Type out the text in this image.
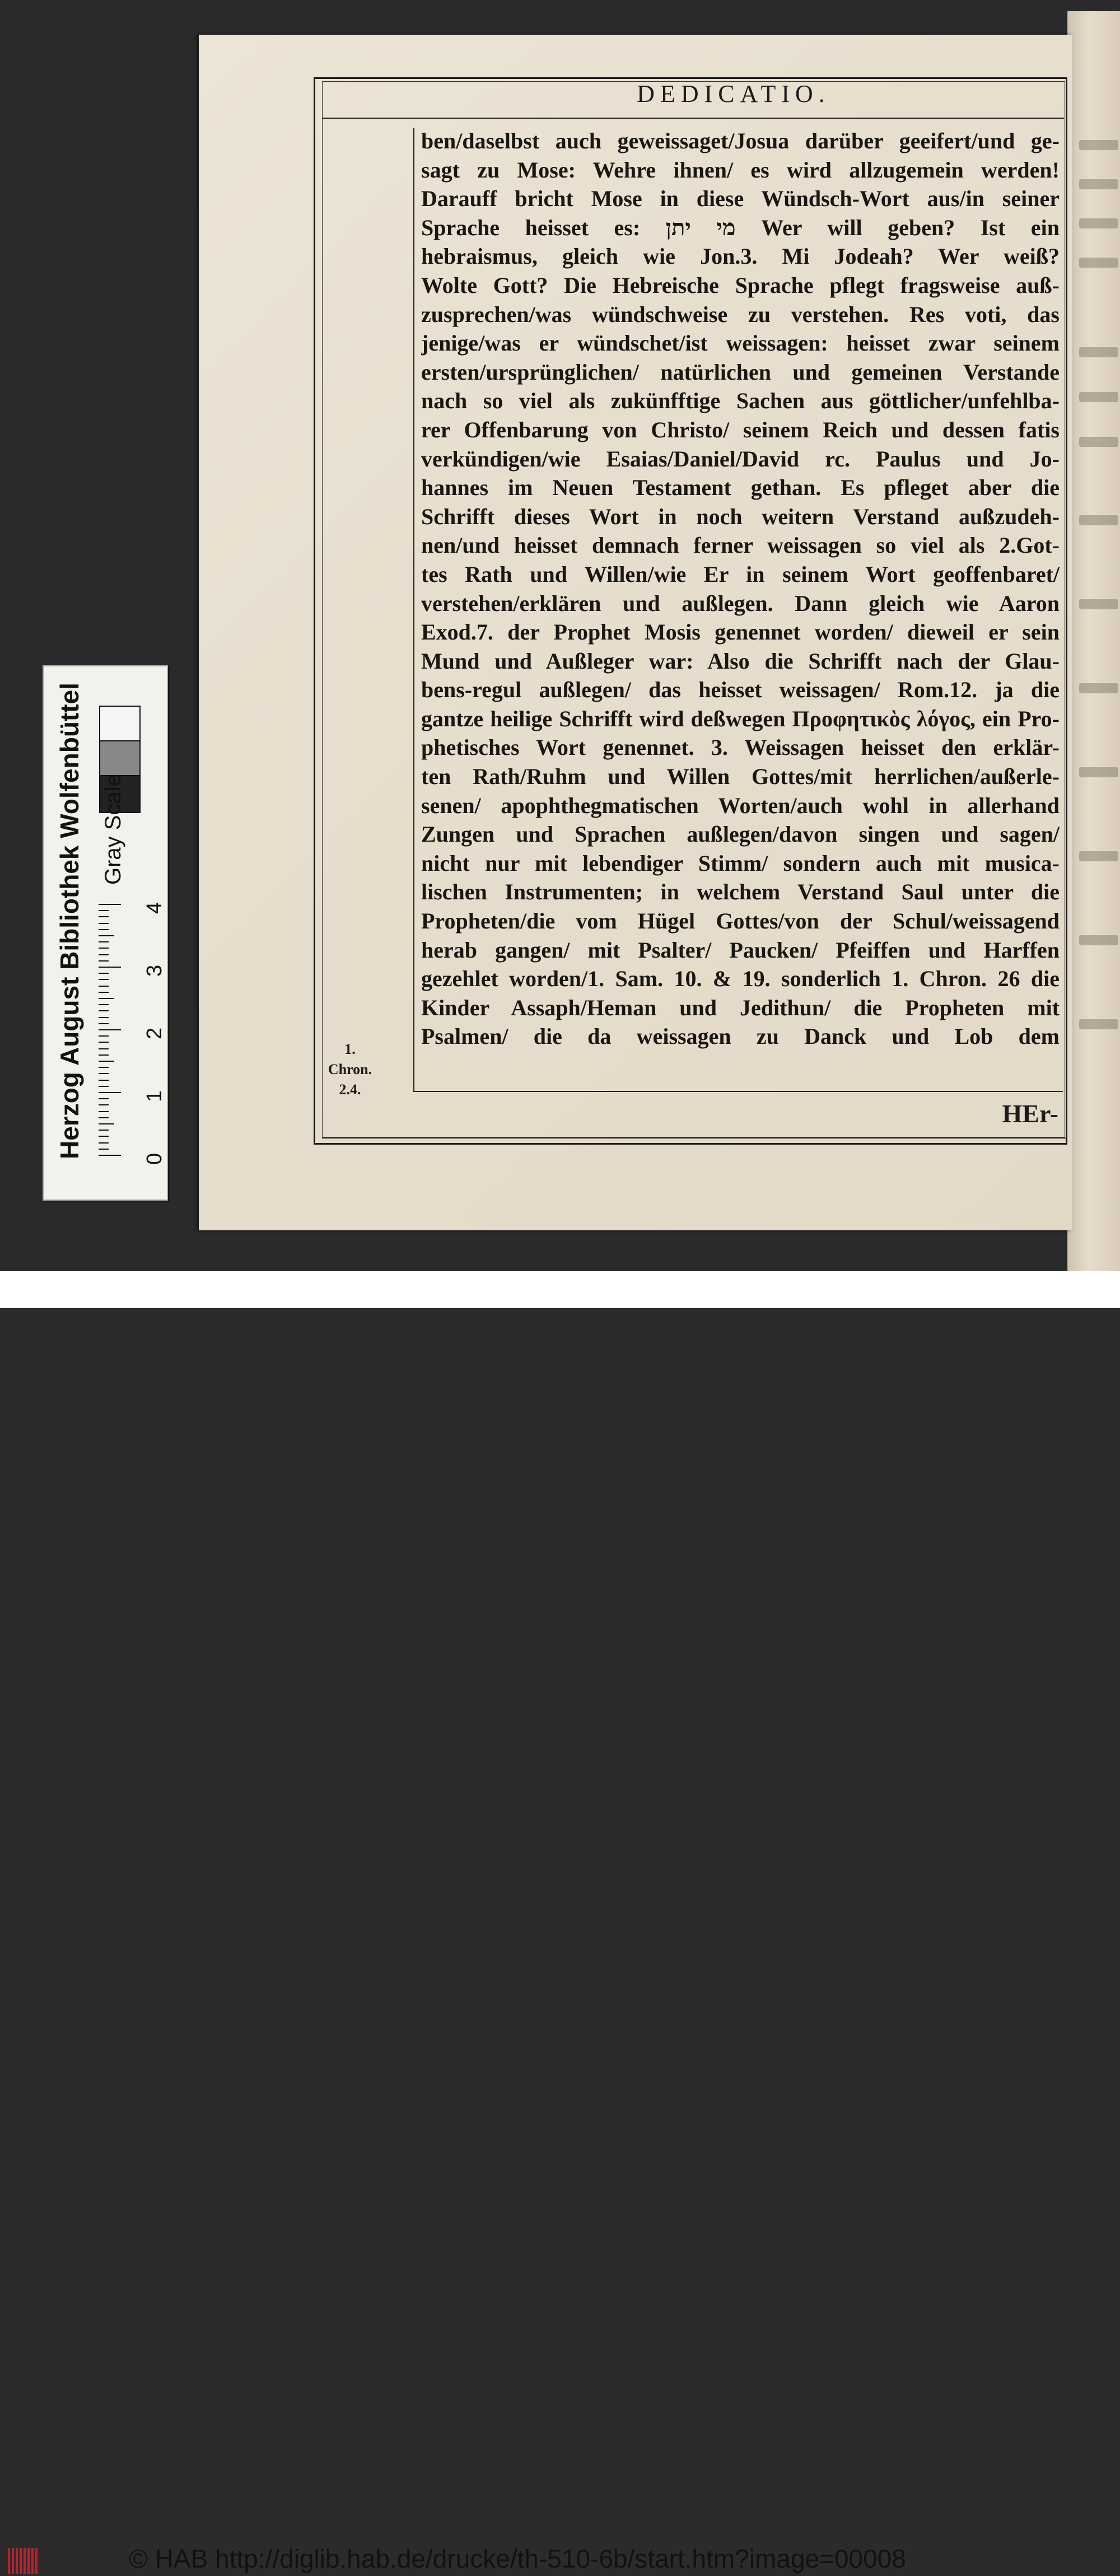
DEDICATIO.
ben/daselbst auch geweissaget/Josua darüber geeifert/und ge-
sagt zu Mose: Wehre ihnen/ es wird allzugemein werden!
Darauff bricht Mose in diese Wündsch-Wort aus/in seiner
Sprache heisset es: מי יתן Wer will geben? Ist ein
hebraismus, gleich wie Jon.3. Mi Jodeah? Wer weiß?
Wolte Gott? Die Hebreische Sprache pflegt fragsweise auß-
zusprechen/was wündschweise zu verstehen. Res voti, das
jenige/was er wündschet/ist weissagen: heisset zwar seinem
ersten/ursprünglichen/ natürlichen und gemeinen Verstande
nach so viel als zukünfftige Sachen aus göttlicher/unfehlba-
rer Offenbarung von Christo/ seinem Reich und dessen fatis
verkündigen/wie Esaias/Daniel/David rc. Paulus und Jo-
hannes im Neuen Testament gethan. Es pfleget aber die
Schrifft dieses Wort in noch weitern Verstand außzudeh-
nen/und heisset demnach ferner weissagen so viel als 2.Got-
tes Rath und Willen/wie Er in seinem Wort geoffenbaret/
verstehen/erklären und außlegen. Dann gleich wie Aaron
Exod.7. der Prophet Mosis genennet worden/ dieweil er sein
Mund und Außleger war: Also die Schrifft nach der Glau-
bens-regul außlegen/ das heisset weissagen/ Rom.12. ja die
gantze heilige Schrifft wird deßwegen Προφητικὸς λόγος, ein Pro-
phetisches Wort genennet. 3. Weissagen heisset den erklär-
ten Rath/Ruhm und Willen Gottes/mit herrlichen/außerle-
senen/ apophthegmatischen Worten/auch wohl in allerhand
Zungen und Sprachen außlegen/davon singen und sagen/
nicht nur mit lebendiger Stimm/ sondern auch mit musica-
lischen Instrumenten; in welchem Verstand Saul unter die
Propheten/die vom Hügel Gottes/von der Schul/weissagend
herab gangen/ mit Psalter/ Paucken/ Pfeiffen und Harffen
gezehlet worden/1. Sam. 10. & 19. sonderlich 1. Chron. 26 die
Kinder Assaph/Heman und Jedithun/ die Propheten mit
Psalmen/ die da weissagen zu Danck und Lob dem
1. Chron.
2.4.
HEr-
Herzog August Bibliothek Wolfenbüttel Gray Scale
0
1
2
3
4
© HAB http://diglib.hab.de/drucke/th-510-6b/start.htm?image=00008
